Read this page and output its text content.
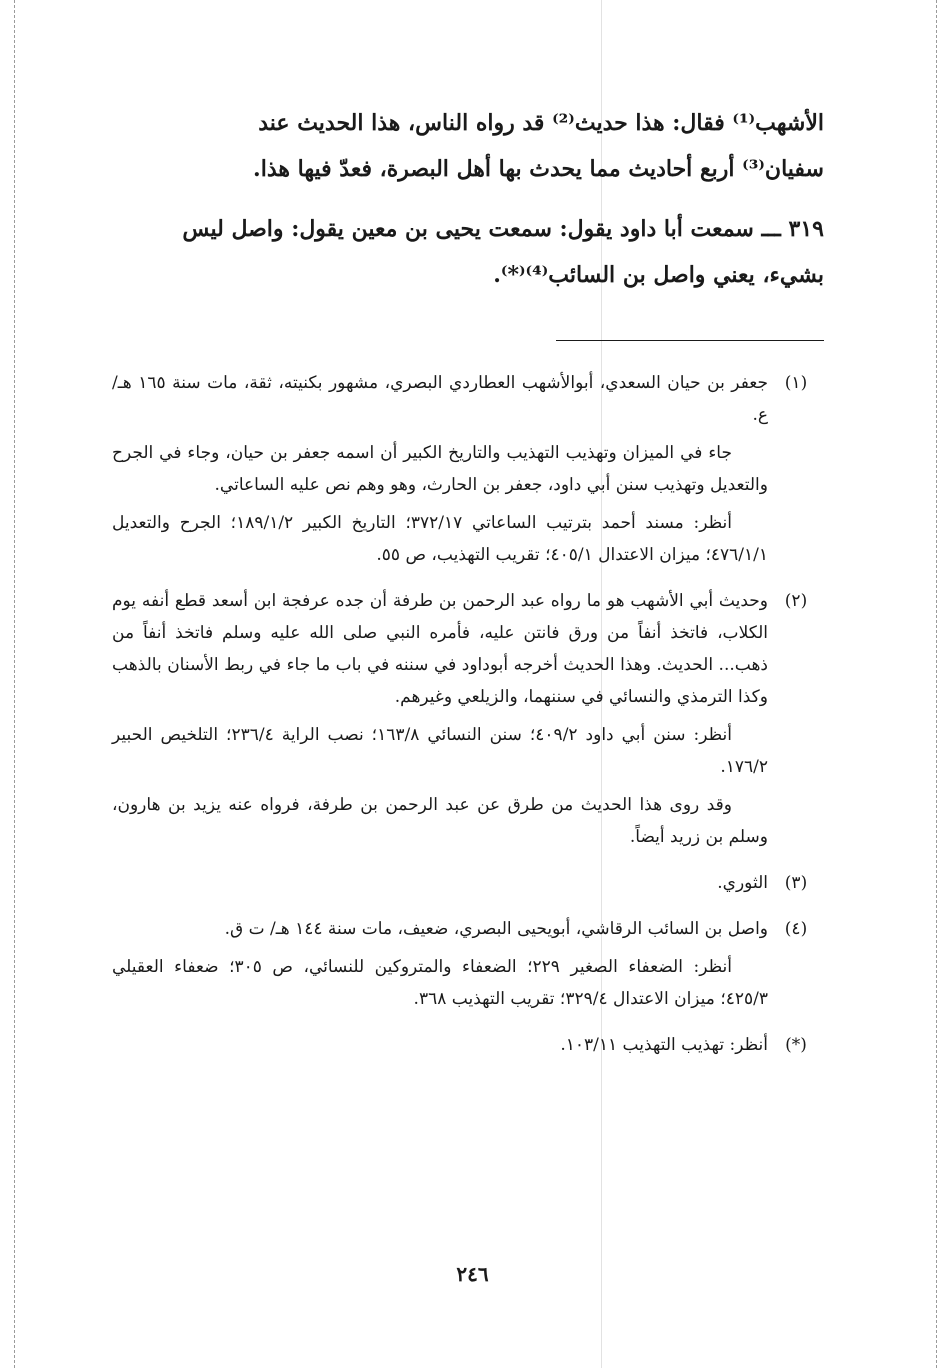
الأشهب⁽¹⁾ فقال: هذا حديث⁽²⁾ قد رواه الناس، هذا الحديث عند

سفيان⁽³⁾ أربع أحاديث مما يحدث بها أهل البصرة، فعدّ فيها هذا.

٣١٩ ـــ سمعت أبا داود يقول: سمعت يحيى بن معين يقول: واصل ليس

بشيء، يعني واصل بن السائب⁽⁴⁾⁽*⁾.

(١)

جعفر بن حيان السعدي، أبوالأشهب العطاردي البصري، مشهور بكنيته، ثقة، مات سنة ١٦٥ هـ/ ع.

جاء في الميزان وتهذيب التهذيب والتاريخ الكبير أن اسمه جعفر بن حيان، وجاء في الجرح والتعديل وتهذيب سنن أبي داود، جعفر بن الحارث، وهو وهم نص عليه الساعاتي.

أنظر: مسند أحمد بترتيب الساعاتي ٣٧٢/١٧؛ التاريخ الكبير ١٨٩/١/٢؛ الجرح والتعديل ٤٧٦/١/١؛ ميزان الاعتدال ٤٠٥/١؛ تقريب التهذيب، ص ٥٥.

(٢)

وحديث أبي الأشهب هو ما رواه عبد الرحمن بن طرفة أن جده عرفجة ابن أسعد قطع أنفه يوم الكلاب، فاتخذ أنفاً من ورق فانتن عليه، فأمره النبي صلى الله عليه وسلم فاتخذ أنفاً من ذهب... الحديث. وهذا الحديث أخرجه أبوداود في سننه في باب ما جاء في ربط الأسنان بالذهب وكذا الترمذي والنسائي في سننهما، والزيلعي وغيرهم.

أنظر: سنن أبي داود ٤٠٩/٢؛ سنن النسائي ١٦٣/٨؛ نصب الراية ٢٣٦/٤؛ التلخيص الحبير ١٧٦/٢.

وقد روى هذا الحديث من طرق عن عبد الرحمن بن طرفة، فرواه عنه يزيد بن هارون، وسلم بن زريد أيضاً.

(٣)

الثوري.

(٤)

واصل بن السائب الرقاشي، أبويحيى البصري، ضعيف، مات سنة ١٤٤ هـ/ ت ق.

أنظر: الضعفاء الصغير ٢٢٩؛ الضعفاء والمتروكين للنسائي، ص ٣٠٥؛ ضعفاء العقيلي ٤٢٥/٣؛ ميزان الاعتدال ٣٢٩/٤؛ تقريب التهذيب ٣٦٨.

(*)

أنظر: تهذيب التهذيب ١٠٣/١١.

٢٤٦
